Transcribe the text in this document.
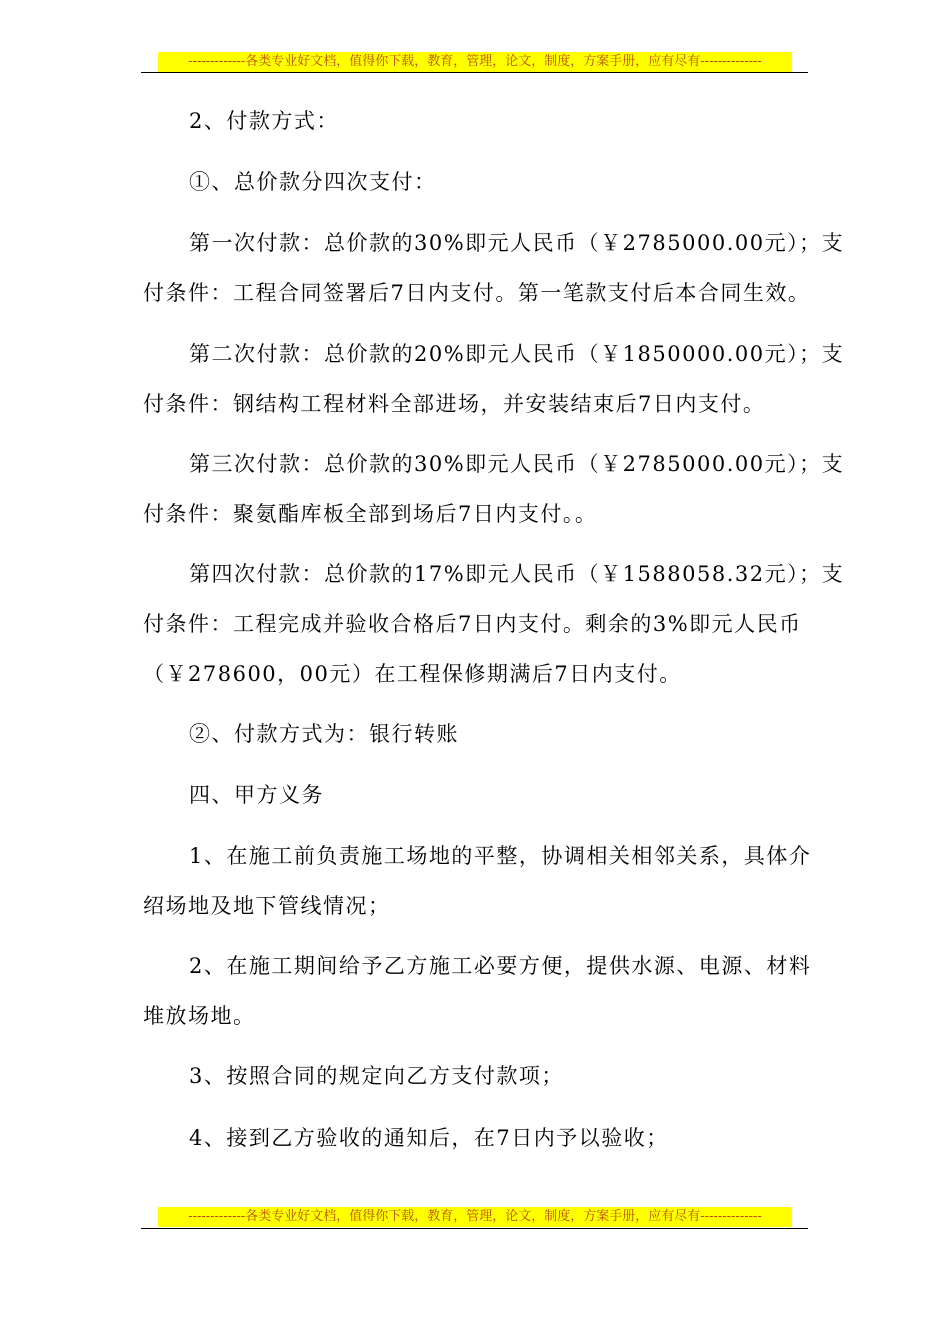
-------------各类专业好文档，值得你下载，教育，管理，论文，制度，方案手册，应有尽有--------------
2、付款方式：
①、总价款分四次支付：
第一次付款：总价款的30%即元人民币（￥2785000.00元）；支
付条件：工程合同签署后7日内支付。第一笔款支付后本合同生效。
第二次付款：总价款的20%即元人民币（￥1850000.00元）；支
付条件：钢结构工程材料全部进场，并安装结束后7日内支付。
第三次付款：总价款的30%即元人民币（￥2785000.00元）；支
付条件：聚氨酯库板全部到场后7日内支付。。
第四次付款：总价款的17%即元人民币（￥1588058.32元）；支
付条件：工程完成并验收合格后7日内支付。剩余的3%即元人民币
（￥278600，00元）在工程保修期满后7日内支付。
②、付款方式为：银行转账
四、甲方义务
1、在施工前负责施工场地的平整，协调相关相邻关系，具体介
绍场地及地下管线情况；
2、在施工期间给予乙方施工必要方便，提供水源、电源、材料
堆放场地。
3、按照合同的规定向乙方支付款项；
4、接到乙方验收的通知后，在7日内予以验收；
-------------各类专业好文档，值得你下载，教育，管理，论文，制度，方案手册，应有尽有--------------
